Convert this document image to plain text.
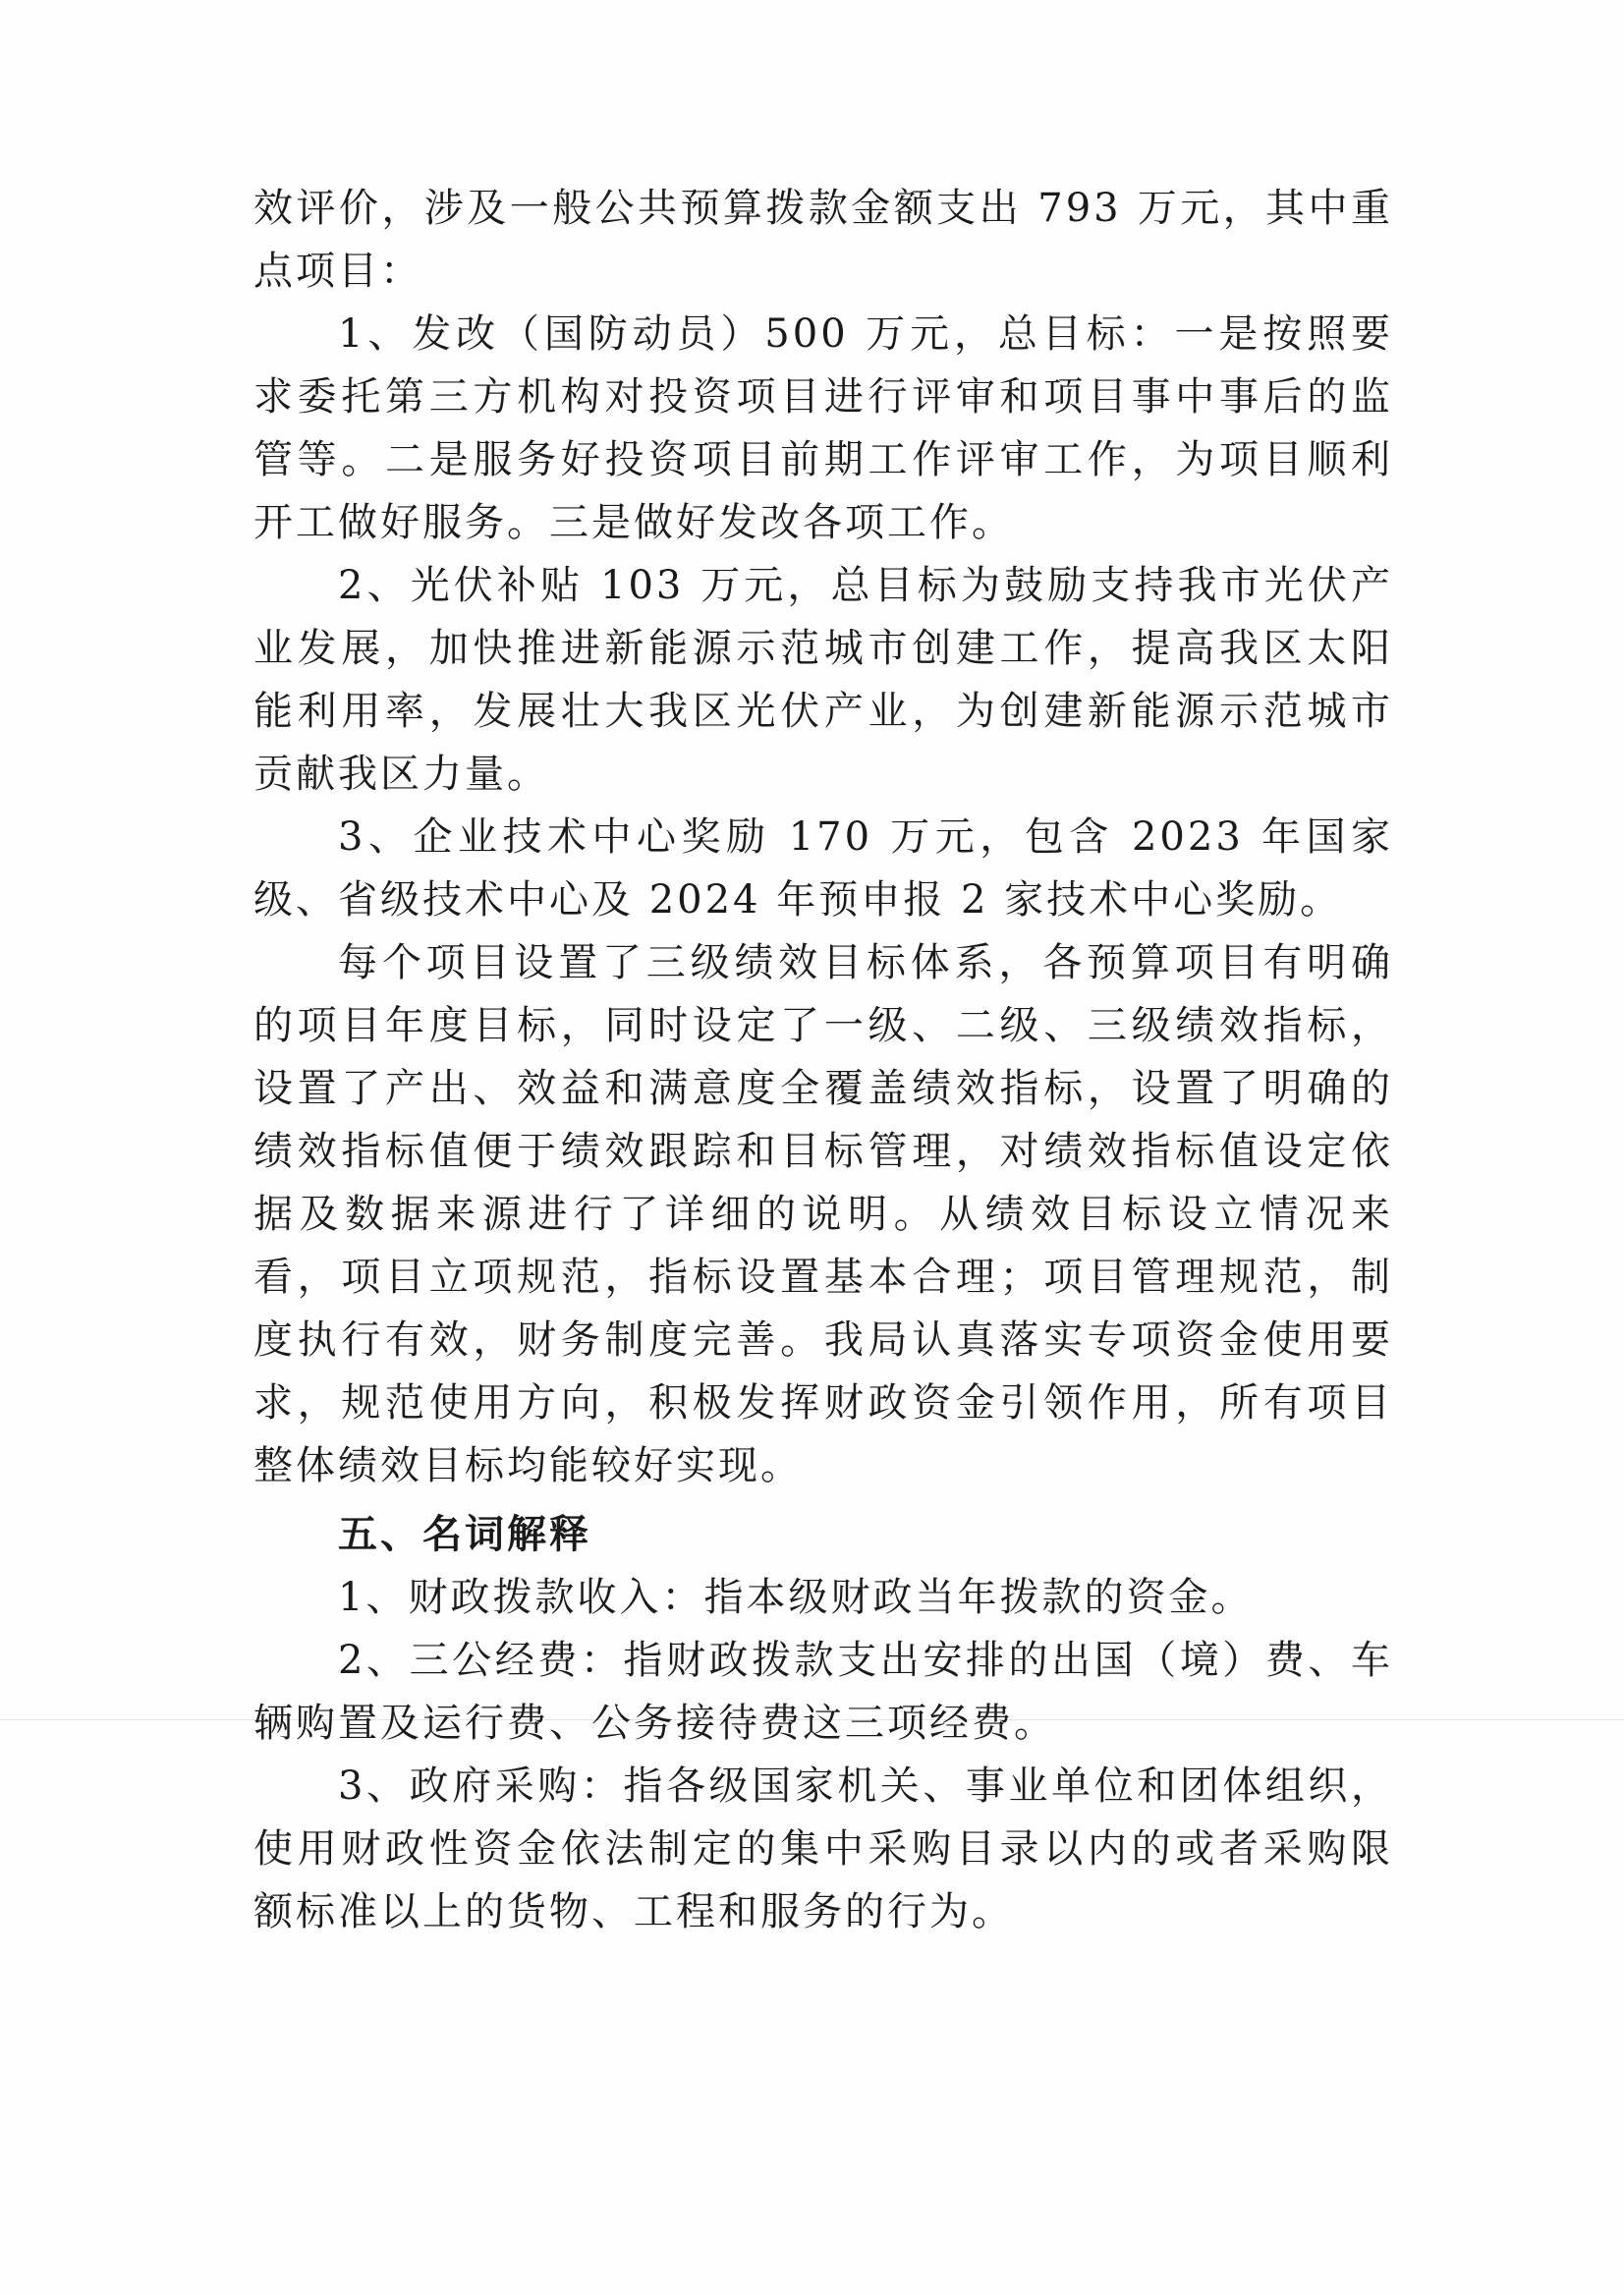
效评价，涉及一般公共预算拨款金额支出 793 万元，其中重点项目：

1、发改（国防动员）500 万元，总目标：一是按照要求委托第三方机构对投资项目进行评审和项目事中事后的监管等。二是服务好投资项目前期工作评审工作，为项目顺利开工做好服务。三是做好发改各项工作。

2、光伏补贴 103 万元，总目标为鼓励支持我市光伏产业发展，加快推进新能源示范城市创建工作，提高我区太阳能利用率，发展壮大我区光伏产业，为创建新能源示范城市贡献我区力量。

3、企业技术中心奖励 170 万元，包含 2023 年国家级、省级技术中心及 2024 年预申报 2 家技术中心奖励。

每个项目设置了三级绩效目标体系，各预算项目有明确的项目年度目标，同时设定了一级、二级、三级绩效指标，设置了产出、效益和满意度全覆盖绩效指标，设置了明确的绩效指标值便于绩效跟踪和目标管理，对绩效指标值设定依据及数据来源进行了详细的说明。从绩效目标设立情况来看，项目立项规范，指标设置基本合理；项目管理规范，制度执行有效，财务制度完善。我局认真落实专项资金使用要求，规范使用方向，积极发挥财政资金引领作用，所有项目整体绩效目标均能较好实现。

五、名词解释

1、财政拨款收入：指本级财政当年拨款的资金。

2、三公经费：指财政拨款支出安排的出国（境）费、车辆购置及运行费、公务接待费这三项经费。

3、政府采购：指各级国家机关、事业单位和团体组织，使用财政性资金依法制定的集中采购目录以内的或者采购限额标准以上的货物、工程和服务的行为。
